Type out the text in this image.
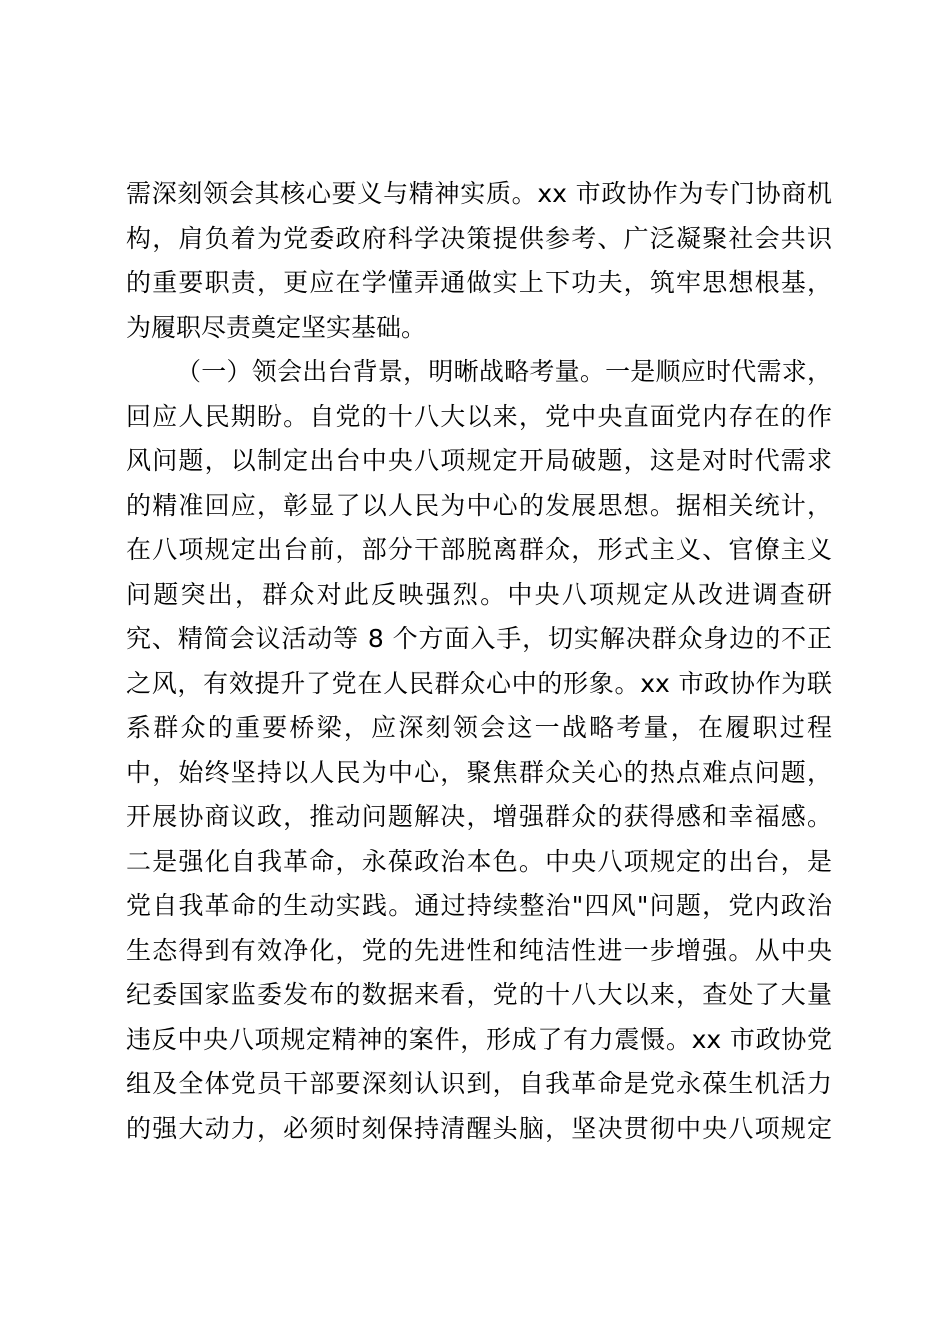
需深刻领会其核心要义与精神实质。xx 市政协作为专门协商机
构，肩负着为党委政府科学决策提供参考、广泛凝聚社会共识
的重要职责，更应在学懂弄通做实上下功夫，筑牢思想根基，
为履职尽责奠定坚实基础。
（一）领会出台背景，明晰战略考量。一是顺应时代需求，
回应人民期盼。自党的十八大以来，党中央直面党内存在的作
风问题，以制定出台中央八项规定开局破题，这是对时代需求
的精准回应，彰显了以人民为中心的发展思想。据相关统计，
在八项规定出台前，部分干部脱离群众，形式主义、官僚主义
问题突出，群众对此反映强烈。中央八项规定从改进调查研
究、精简会议活动等 8 个方面入手，切实解决群众身边的不正
之风，有效提升了党在人民群众心中的形象。xx 市政协作为联
系群众的重要桥梁，应深刻领会这一战略考量，在履职过程
中，始终坚持以人民为中心，聚焦群众关心的热点难点问题，
开展协商议政，推动问题解决，增强群众的获得感和幸福感。
二是强化自我革命，永葆政治本色。中央八项规定的出台，是
党自我革命的生动实践。通过持续整治"四风"问题，党内政治
生态得到有效净化，党的先进性和纯洁性进一步增强。从中央
纪委国家监委发布的数据来看，党的十八大以来，查处了大量
违反中央八项规定精神的案件，形成了有力震慑。xx 市政协党
组及全体党员干部要深刻认识到，自我革命是党永葆生机活力
的强大动力，必须时刻保持清醒头脑，坚决贯彻中央八项规定
